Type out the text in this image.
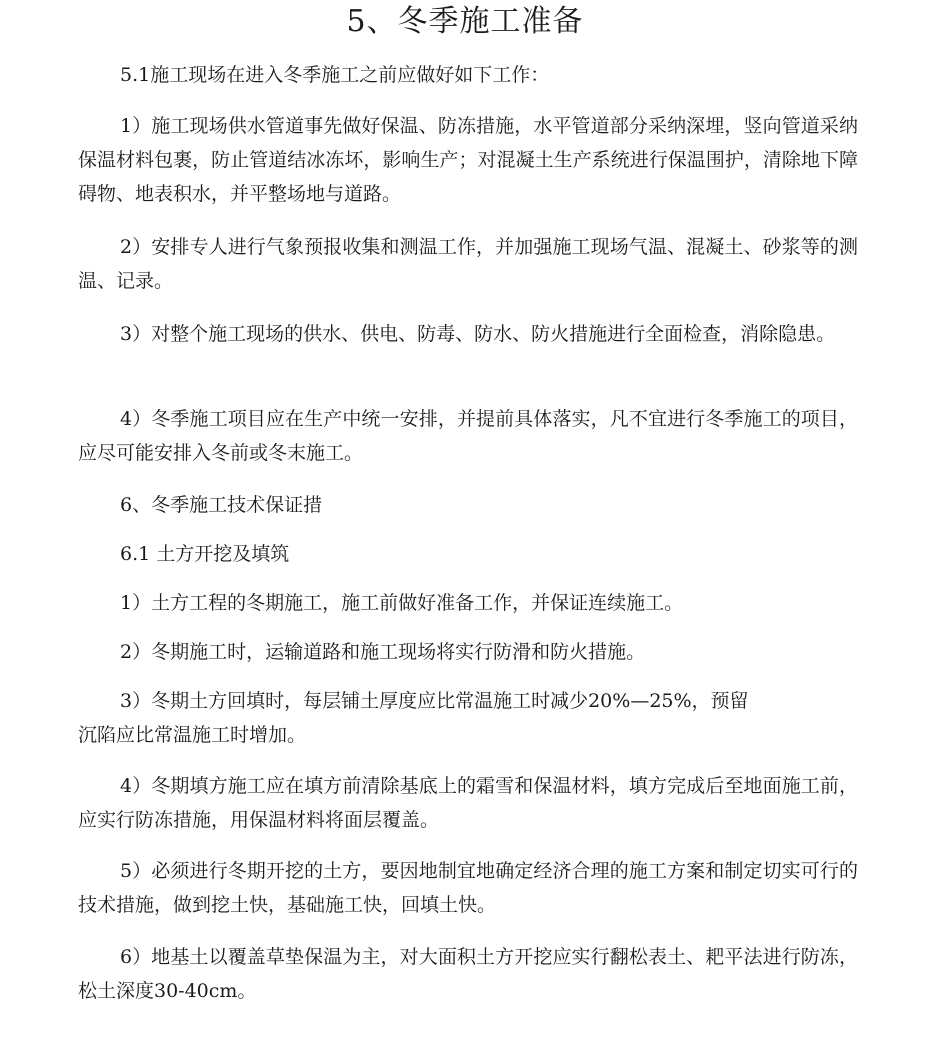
5、冬季施工准备

5.1施工现场在进入冬季施工之前应做好如下工作：

1）施工现场供水管道事先做好保温、防冻措施，水平管道部分采纳深埋，竖向管道采纳保温材料包裹，防止管道结冰冻坏，影响生产；对混凝土生产系统进行保温围护，清除地下障碍物、地表积水，并平整场地与道路。

2）安排专人进行气象预报收集和测温工作，并加强施工现场气温、混凝土、砂浆等的测温、记录。

3）对整个施工现场的供水、供电、防毒、防水、防火措施进行全面检查，消除隐患。

4）冬季施工项目应在生产中统一安排，并提前具体落实，凡不宜进行冬季施工的项目，应尽可能安排入冬前或冬末施工。

6、冬季施工技术保证措

6.1 土方开挖及填筑

1）土方工程的冬期施工，施工前做好准备工作，并保证连续施工。

2）冬期施工时，运输道路和施工现场将实行防滑和防火措施。

3）冬期土方回填时，每层铺土厚度应比常温施工时减少20%—25%，预留
沉陷应比常温施工时增加。

4）冬期填方施工应在填方前清除基底上的霜雪和保温材料，填方完成后至地面施工前，应实行防冻措施，用保温材料将面层覆盖。

5）必须进行冬期开挖的土方，要因地制宜地确定经济合理的施工方案和制定切实可行的技术措施，做到挖土快，基础施工快，回填土快。

6）地基土以覆盖草垫保温为主，对大面积土方开挖应实行翻松表土、耙平法进行防冻，松土深度30-40cm。
